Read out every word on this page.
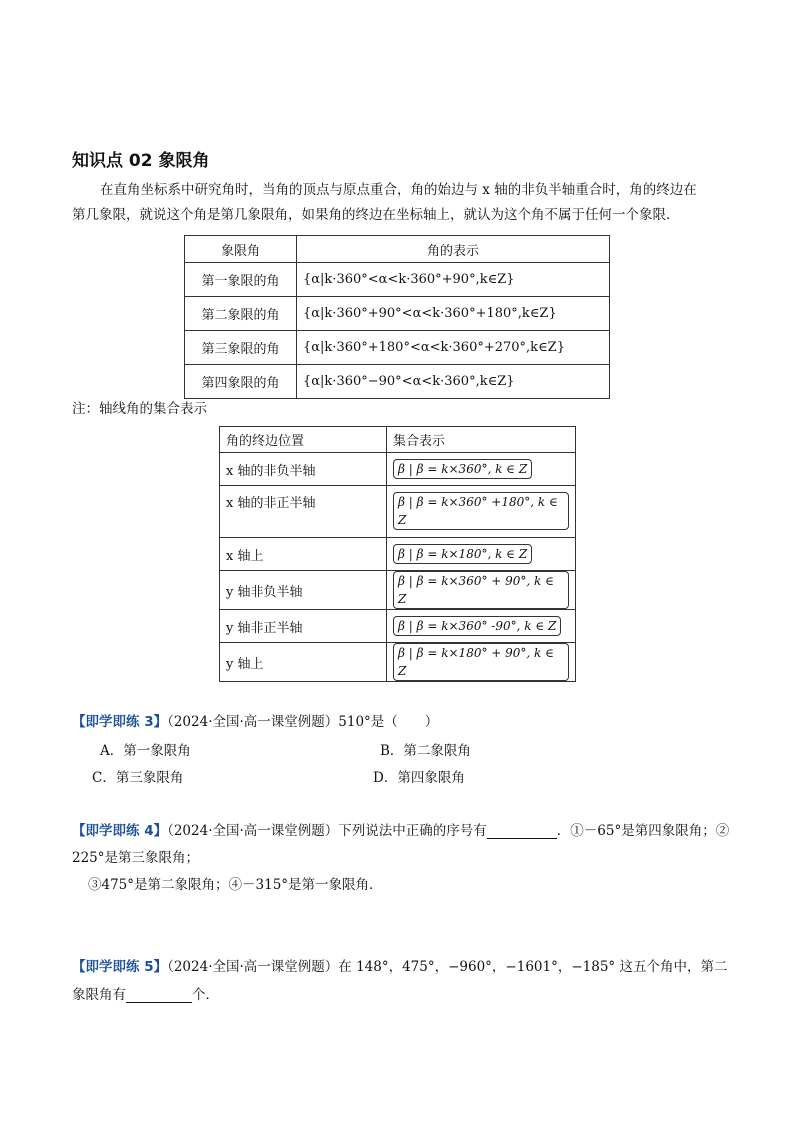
知识点 02 象限角
在直角坐标系中研究角时，当角的顶点与原点重合，角的始边与 x 轴的非负半轴重合时，角的终边在
第几象限，就说这个角是第几象限角，如果角的终边在坐标轴上，就认为这个角不属于任何一个象限．
象限角	角的表示
第一象限的角	{α|k·360°<α<k·360°+90°,k∈Z}
第二象限的角	{α|k·360°+90°<α<k·360°+180°,k∈Z}
第三象限的角	{α|k·360°+180°<α<k·360°+270°,k∈Z}
第四象限的角	{α|k·360°−90°<α<k·360°,k∈Z}
注：轴线角的集合表示
角的终边位置	集合表示
x 轴的非负半轴	β | β = k×360°, k ∈ Z
x 轴的非正半轴	β | β = k×360° +180°, k ∈ Z
x 轴上	β | β = k×180°, k ∈ Z
y 轴非负半轴	β | β = k×360° + 90°, k ∈ Z
y 轴非正半轴	β | β = k×360° -90°, k ∈ Z
y 轴上	β | β = k×180° + 90°, k ∈ Z
【即学即练 3】（2024·全国·高一课堂例题）510°是（　　）
A．第一象限角	B．第二象限角
C．第三象限角	D．第四象限角
【即学即练 4】（2024·全国·高一课堂例题）下列说法中正确的序号有	．①－65°是第四象限角；②
225°是第三象限角；
③475°是第二象限角；④－315°是第一象限角．
【即学即练 5】（2024·全国·高一课堂例题）在 148°，475°，−960°，−1601°，−185° 这五个角中，第二
象限角有	个．
